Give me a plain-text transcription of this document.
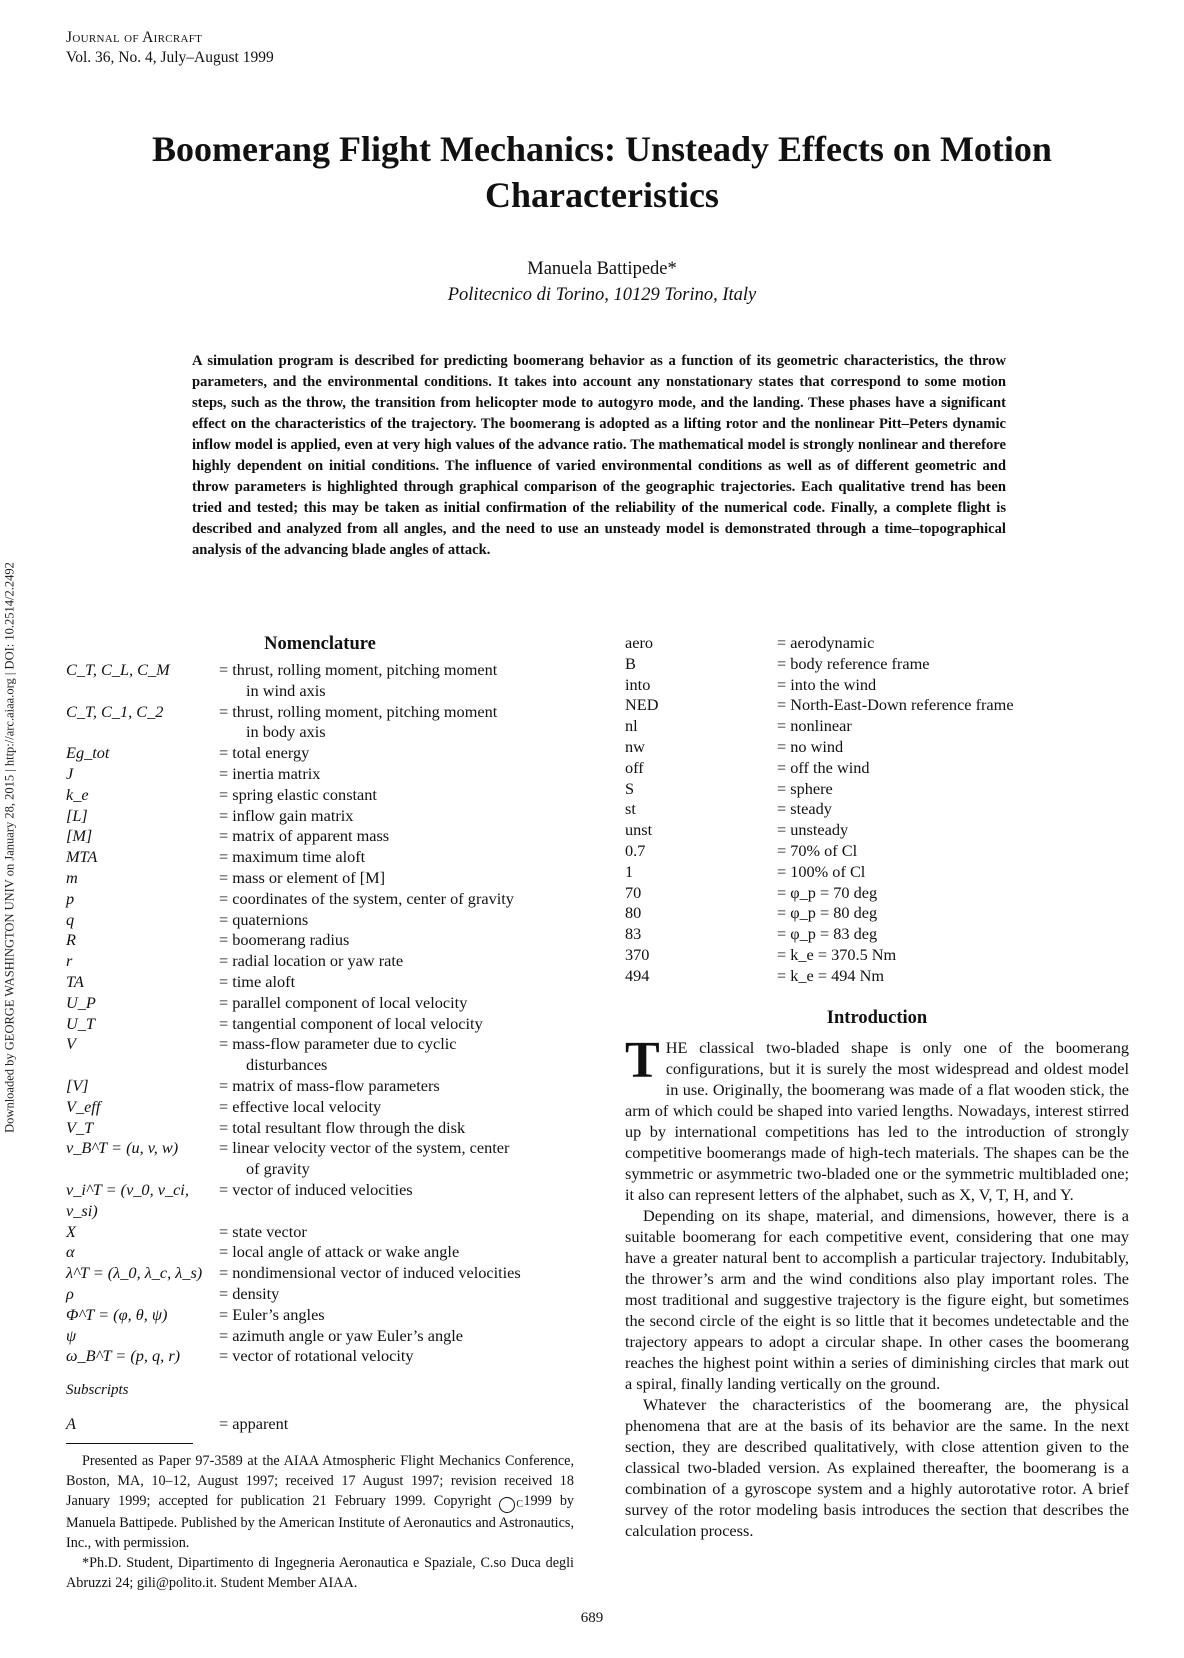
Journal of Aircraft
Vol. 36, No. 4, July–August 1999
Boomerang Flight Mechanics: Unsteady Effects on Motion Characteristics
Manuela Battipede*
Politecnico di Torino, 10129 Torino, Italy
A simulation program is described for predicting boomerang behavior as a function of its geometric characteristics, the throw parameters, and the environmental conditions. It takes into account any nonstationary states that correspond to some motion steps, such as the throw, the transition from helicopter mode to autogyro mode, and the landing. These phases have a significant effect on the characteristics of the trajectory. The boomerang is adopted as a lifting rotor and the nonlinear Pitt–Peters dynamic inflow model is applied, even at very high values of the advance ratio. The mathematical model is strongly nonlinear and therefore highly dependent on initial conditions. The influence of varied environmental conditions as well as of different geometric and throw parameters is highlighted through graphical comparison of the geographic trajectories. Each qualitative trend has been tried and tested; this may be taken as initial confirmation of the reliability of the numerical code. Finally, a complete flight is described and analyzed from all angles, and the need to use an unsteady model is demonstrated through a time–topographical analysis of the advancing blade angles of attack.
Downloaded by GEORGE WASHINGTON UNIV on January 28, 2015 | http://arc.aiaa.org | DOI: 10.2514/2.2492	Nomenclature
C_T, C_L, C_M	= thrust, rolling moment, pitching moment
in wind axis
C_T, C_1, C_2	= thrust, rolling moment, pitching moment
in body axis
Eg_tot	= total energy
J	= inertia matrix
k_e	= spring elastic constant
[L]	= inflow gain matrix
[M]	= matrix of apparent mass
MTA	= maximum time aloft
m	= mass or element of [M]
p	= coordinates of the system, center of gravity
q	= quaternions
R	= boomerang radius
r	= radial location or yaw rate
TA	= time aloft
U_P	= parallel component of local velocity
U_T	= tangential component of local velocity
V	= mass-flow parameter due to cyclic
disturbances
[V]	= matrix of mass-flow parameters
V_eff	= effective local velocity
V_T	= total resultant flow through the disk
v_B^T = (u, v, w)	= linear velocity vector of the system, center
of gravity
v_i^T = (v_0, v_ci, v_si)
= vector of induced velocities
X	= state vector
α	= local angle of attack or wake angle
λ^T = (λ_0, λ_c, λ_s)	= nondimensional vector of induced velocities
ρ	= density
Φ^T = (φ, θ, ψ)	= Euler’s angles
ψ	= azimuth angle or yaw Euler’s angle
ω_B^T = (p, q, r)	= vector of rotational velocity
Subscripts
A	= apparent
aero	= aerodynamic
B	= body reference frame
into	= into the wind
NED	= North-East-Down reference frame
nl	= nonlinear
nw	= no wind
off	= off the wind
S	= sphere
st	= steady
unst	= unsteady
0.7	= 70% of Cl
1	= 100% of Cl
70	= φ_p = 70 deg
80	= φ_p = 80 deg
83	= φ_p = 83 deg
370	= k_e = 370.5 Nm
494	= k_e = 494 Nm

Presented as Paper 97-3589 at the AIAA Atmospheric Flight Mechanics Conference, Boston, MA, 10–12, August 1997; received 17 August 1997; revision received 18 January 1999; accepted for publication 21 February 1999. Copyright	C 1999 by Manuela Battipede. Published by the American Institute of Aeronautics and Astronautics, Inc., with permission.

*Ph.D. Student, Dipartimento di Ingegneria Aeronautica e Spaziale, C.so Duca degli Abruzzi 24; gili@polito.it. Student Member AIAA.

Introduction

THE classical two-bladed shape is only one of the boomerang configurations, but it is surely the most widespread and oldest model in use. Originally, the boomerang was made of a flat wooden stick, the arm of which could be shaped into varied lengths. Nowadays, interest stirred up by international competitions has led to the introduction of strongly competitive boomerangs made of high-tech materials. The shapes can be the symmetric or asymmetric two-bladed one or the symmetric multibladed one; it also can represent letters of the alphabet, such as X, V, T, H, and Y.

Depending on its shape, material, and dimensions, however, there is a suitable boomerang for each competitive event, considering that one may have a greater natural bent to accomplish a particular trajectory. Indubitably, the thrower’s arm and the wind conditions also play important roles. The most traditional and suggestive trajectory is the figure eight, but sometimes the second circle of the eight is so little that it becomes undetectable and the trajectory appears to adopt a circular shape. In other cases the boomerang reaches the highest point within a series of diminishing circles that mark out a spiral, finally landing vertically on the ground.

Whatever the characteristics of the boomerang are, the physical phenomena that are at the basis of its behavior are the same. In the next section, they are described qualitatively, with close attention given to the classical two-bladed version. As explained thereafter, the boomerang is a combination of a gyroscope system and a highly autorotative rotor. A brief survey of the rotor modeling basis introduces the section that describes the calculation process.

689
